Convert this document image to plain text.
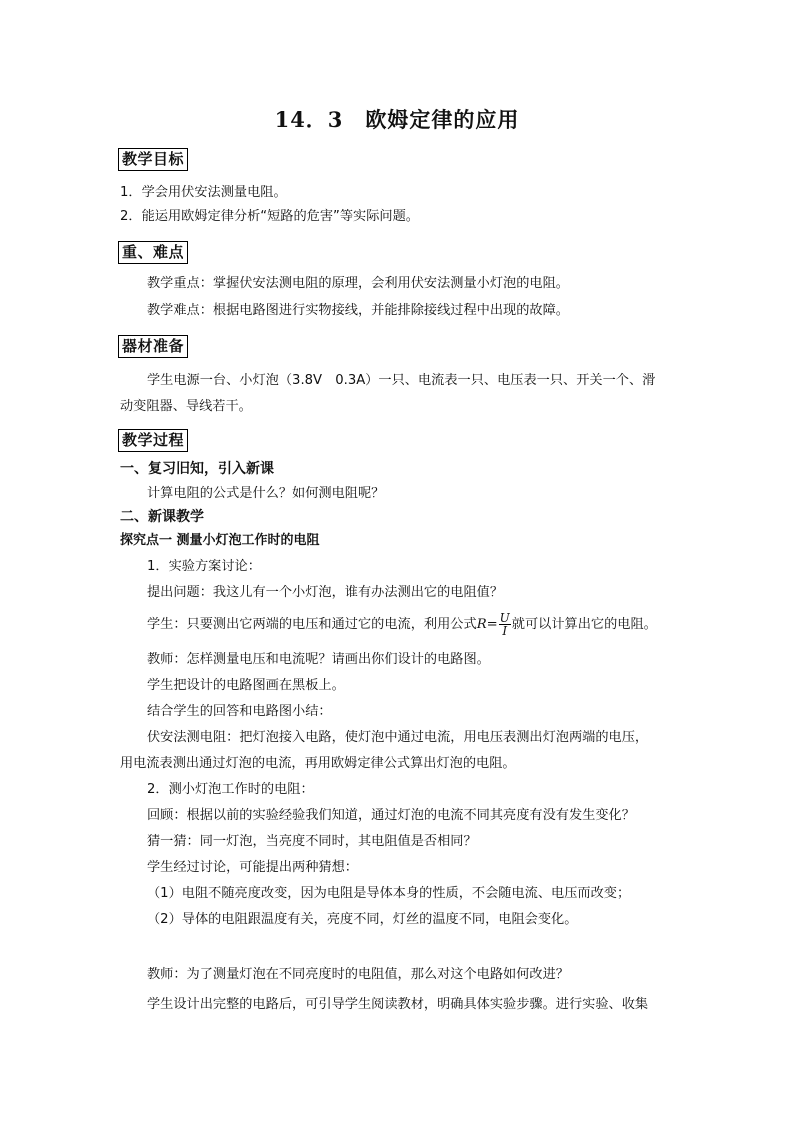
14．3　欧姆定律的应用
教学目标
1．学会用伏安法测量电阻。
2．能运用欧姆定律分析“短路的危害”等实际问题。
重、难点
教学重点：掌握伏安法测电阻的原理，会利用伏安法测量小灯泡的电阻。
教学难点：根据电路图进行实物接线，并能排除接线过程中出现的故障。
器材准备
学生电源一台、小灯泡（3.8V　0.3A）一只、电流表一只、电压表一只、开关一个、滑
动变阻器、导线若干。
教学过程
一、复习旧知，引入新课
计算电阻的公式是什么？如何测电阻呢？
二、新课教学
探究点一 测量小灯泡工作时的电阻
1．实验方案讨论：
提出问题：我这儿有一个小灯泡，谁有办法测出它的电阻值？
学生：只要测出它两端的电压和通过它的电流，利用公式$R= \frac{U}{I}$ 就可以计算出它的电阻。
教师：怎样测量电压和电流呢？请画出你们设计的电路图。
学生把设计的电路图画在黑板上。
结合学生的回答和电路图小结：
伏安法测电阻：把灯泡接入电路，使灯泡中通过电流，用电压表测出灯泡两端的电压，
用电流表测出通过灯泡的电流，再用欧姆定律公式算出灯泡的电阻。
2．测小灯泡工作时的电阻：
回顾：根据以前的实验经验我们知道，通过灯泡的电流不同其亮度有没有发生变化？
猜一猜：同一灯泡，当亮度不同时，其电阻值是否相同？
学生经过讨论，可能提出两种猜想：
（1）电阻不随亮度改变，因为电阻是导体本身的性质，不会随电流、电压而改变；
（2）导体的电阻跟温度有关，亮度不同，灯丝的温度不同，电阻会变化。
教师：为了测量灯泡在不同亮度时的电阻值，那么对这个电路如何改进？
学生设计出完整的电路后，可引导学生阅读教材，明确具体实验步骤。进行实验、收集
